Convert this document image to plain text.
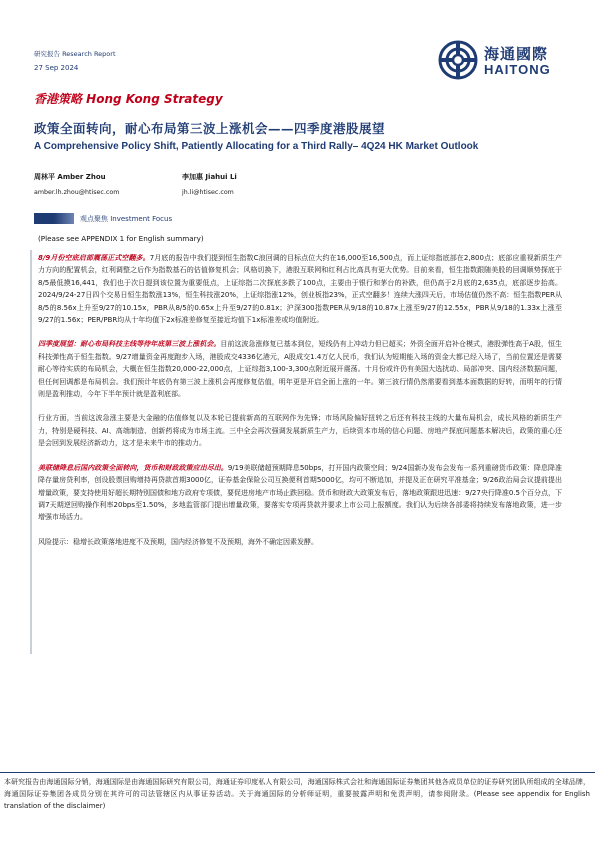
研究报告 Research Report
27 Sep 2024
海通國際
HAITONG
香港策略 Hong Kong Strategy
政策全面转向，耐心布局第三波上涨机会——四季度港股展望
A Comprehensive Policy Shift, Patiently Allocating for a Third Rally– 4Q24 HK Market Outlook
周林平 Amber Zhou
amber.lh.zhou@htisec.com
李加惠 Jiahui Li
jh.li@htisec.com
观点聚焦 Investment Focus
(Please see APPENDIX 1 for English summary)

8/9月份空底启部震荡正式空翻多。7月底的报告中我们提到恒生指数C浪回调的目标点位大约在16,000至16,500点，而上证综指底部在2,800点；底部应重视新质生产力方向的配置机会，红利调整之后作为指数基石的估值修复机会；风格切换下，港股互联网和红利占比高具有更大优势。目前来看，恒生指数跟随美股的回调顺势探底于8/5最低摸16,441，我们也于次日提到该位置为重要低点，上证综指二次探底多跌了100点，主要由于银行和茅台的补跌，但仍高于2月底的2,635点，底部逐步抬高。2024/9/24-27日四个交易日恒生指数涨13%，恒生科技涨20%，上证综指涨12%，创业板指23%，正式空翻多！连续大涨四天后，市场估值仍然不高：恒生指数PER从8/5的8.56x上升至9/27的10.15x，PBR从8/5的0.65x上升至9/27的0.81x；沪深300指数PER从9/18的10.87x上涨至9/27的12.55x，PBR从9/18的1.33x上涨至9/27的1.56x；PER/PBR均从十年均值下2x标准差修复至接近均值下1x标准差或均值附近。

四季度展望：耐心布局科技主线等待年底第三波上涨机会。目前这波急涨修复已基本到位，短线仍有上冲动力但已超买；外资全面开启补仓模式，港股弹性高于A股，恒生科技弹性高于恒生指数。9/27增量资金再度跑步入场，港股成交4336亿港元，A股成交1.4万亿人民币，我们认为短期能入场的资金大都已经入场了，当前位置还是需要耐心等待实质的布局机会，大概在恒生指数20,000-22,000点，上证综指3,100-3,300点附近展开震荡。十月份或许仍有美国大选扰动、局部冲突、国内经济数据问题，但任何回调都是布局机会。我们预计年底仍有第三波上涨机会再度修复估值，明年更是开启全面上涨的一年。第三波行情仍然需要看到基本面数据的好转，而明年的行情则是盈利推动，今年下半年预计就是盈利底部。

行业方面，当前这波急涨主要是大金融的估值修复以及本轮已提前新高的互联网作为先锋；市场风险偏好扭转之后还有科技主线的大量布局机会，成长风格的新质生产力，特别是硬科技、AI、高端制造、创新药将成为市场主流。三中全会再次强调发展新质生产力，后续资本市场的信心问题、房地产探底问题基本解决后，政策的重心还是会回到发展经济新动力，这才是未来牛市的推动力。

美联储降息后国内政策全面转向，货币和财政政策应出尽出。9/19美联储超预期降息50bps，打开国内政策空间；9/24国新办发布会发布一系列重磅货币政策：降息降准降存量房贷利率，创设股票回购增持再贷款首期3000亿，证券基金保险公司互换便利首期5000亿，均可不断追加，并提及正在研究平准基金；9/26政治局会议提前提出增量政策，要支持使用好超长期特别国债和地方政府专项债，要促进房地产市场止跌回稳。货币和财政大政策发布后，落地政策跟进迅速：9/27央行降准0.5个百分点，下调7天期逆回购操作利率20bps至1.50%，多地监管部门提出增量政策，要落实专项再贷款并要求上市公司上报额度。我们认为后续各部委将持续发布落地政策，进一步增强市场活力。

风险提示：稳增长政策落地进度不及预期，国内经济修复不及预期，海外不确定因素发酵。

本研究报告由海通国际分销，海通国际是由海通国际研究有限公司，海通证券印度私人有限公司，海通国际株式会社和海通国际证券集团其他各成员单位的证券研究团队所组成的全球品牌，海通国际证券集团各成员分别在其许可的司法管辖区内从事证券活动。关于海通国际的分析师证明，重要披露声明和免责声明，请参阅附录。(Please see appendix for English translation of the disclaimer)
